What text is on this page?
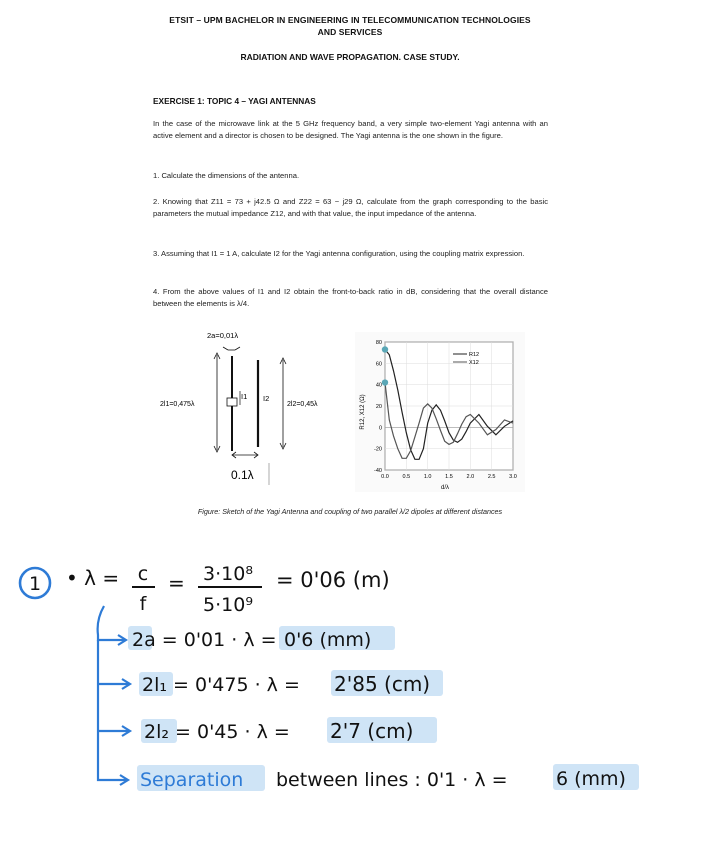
ETSIT – UPM BACHELOR IN ENGINEERING IN TELECOMMUNICATION TECHNOLOGIES
AND SERVICES
RADIATION AND WAVE PROPAGATION. CASE STUDY.
EXERCISE 1: TOPIC 4 – YAGI ANTENNAS
In the case of the microwave link at the 5 GHz frequency band, a very simple two-element Yagi antenna with an active element and a director is chosen to be designed. The Yagi antenna is the one shown in the figure.
1. Calculate the dimensions of the antenna.
2. Knowing that Z11 = 73 + j42.5 Ω and Z22 = 63 − j29 Ω, calculate from the graph corresponding to the basic parameters the mutual impedance Z12, and with that value, the input impedance of the antenna.
3. Assuming that I1 = 1 A, calculate I2 for the Yagi antenna configuration, using the coupling matrix expression.
4. From the above values of I1 and I2 obtain the front-to-back ratio in dB, considering that the overall distance between the elements is λ/4.
2a=0,01λ
2l1=0,475λ
I1 I2
2l2=0,45λ
0.1λ	-40
-20
0
20
40
60
80
0.0 0.5 1.0 1.5 2.0 2.5 3.0
R12
X12
d/λ
R12, X12 (Ω)
Figure: Sketch of the Yagi Antenna and coupling of two parallel λ/2 dipoles at different distances
1 • λ = c
f
= 3·10⁸
5·10⁹
= 0'06 (m)
2a = 0'01 · λ = 0'6 (mm)
2l₁ = 0'475 · λ = 2'85 (cm)
2l₂ = 0'45 · λ = 2'7 (cm)
Separation between lines : 0'1 · λ =	6 (mm)
